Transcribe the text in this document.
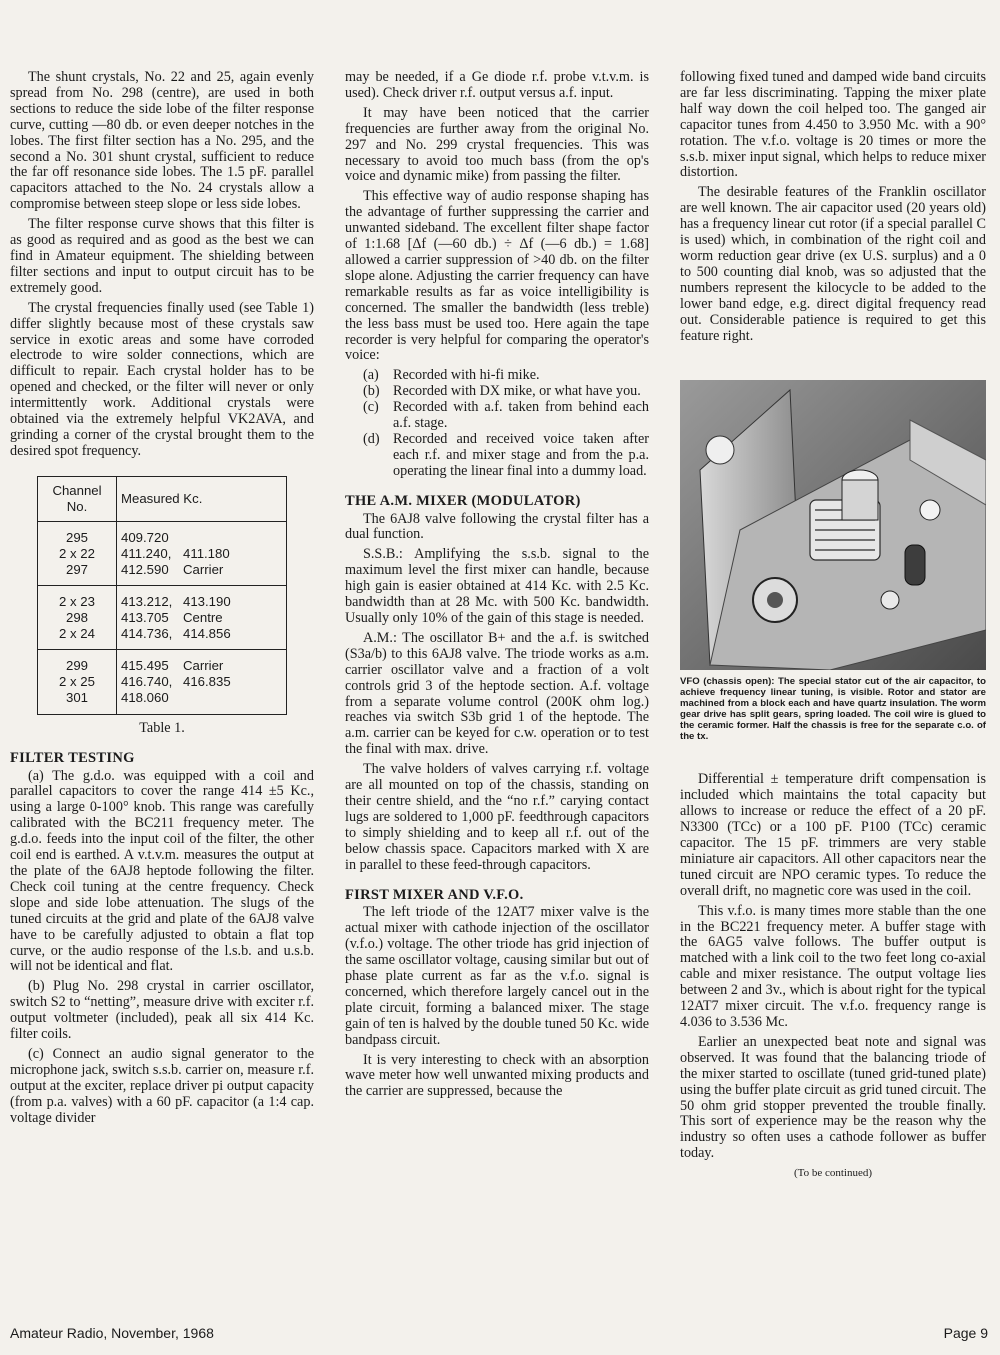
The shunt crystals, No. 22 and 25, again evenly spread from No. 298 (centre), are used in both sections to reduce the side lobe of the filter response curve, cutting —80 db. or even deeper notches in the lobes. The first filter section has a No. 295, and the second a No. 301 shunt crystal, sufficient to reduce the far off resonance side lobes. The 1.5 pF. parallel capacitors attached to the No. 24 crystals allow a compromise between steep slope or less side lobes.

The filter response curve shows that this filter is as good as required and as good as the best we can find in Amateur equipment. The shielding between filter sections and input to output circuit has to be extremely good.

The crystal frequencies finally used (see Table 1) differ slightly because most of these crystals saw service in exotic areas and some have corroded electrode to wire solder connections, which are difficult to repair. Each crystal holder has to be opened and checked, or the filter will never or only intermittently work. Additional crystals were obtained via the extremely helpful VK2AVA, and grinding a corner of the crystal brought them to the desired spot frequency.

Channel No.	Measured Kc.
295	409.720
2 x 22	411.240, 411.180
297	412.590 Carrier
2 x 23	413.212, 413.190
298	413.705 Centre
2 x 24	414.736, 414.856
299	415.495 Carrier
2 x 25	416.740, 416.835
301	418.060
Table 1.
FILTER TESTING

(a) The g.d.o. was equipped with a coil and parallel capacitors to cover the range 414 ±5 Kc., using a large 0-100° knob. This range was carefully calibrated with the BC211 frequency meter. The g.d.o. feeds into the input coil of the filter, the other coil end is earthed. A v.t.v.m. measures the output at the plate of the 6AJ8 heptode following the filter. Check coil tuning at the centre frequency. Check slope and side lobe attenuation. The slugs of the tuned circuits at the grid and plate of the 6AJ8 valve have to be carefully adjusted to obtain a flat top curve, or the audio response of the l.s.b. and u.s.b. will not be identical and flat.

(b) Plug No. 298 crystal in carrier oscillator, switch S2 to “netting”, measure drive with exciter r.f. output voltmeter (included), peak all six 414 Kc. filter coils.

(c) Connect an audio signal generator to the microphone jack, switch s.s.b. carrier on, measure r.f. output at the exciter, replace driver pi output capacity (from p.a. valves) with a 60 pF. capacitor (a 1:4 cap. voltage divider

may be needed, if a Ge diode r.f. probe v.t.v.m. is used). Check driver r.f. output versus a.f. input.

It may have been noticed that the carrier frequencies are further away from the original No. 297 and No. 299 crystal frequencies. This was necessary to avoid too much bass (from the op's voice and dynamic mike) from passing the filter.

This effective way of audio response shaping has the advantage of further suppressing the carrier and unwanted sideband. The excellent filter shape factor of 1:1.68 [Δf (—60 db.) ÷ Δf (—6 db.) = 1.68] allowed a carrier suppression of >40 db. on the filter slope alone. Adjusting the carrier frequency can have remarkable results as far as voice intelligibility is concerned. The smaller the bandwidth (less treble) the less bass must be used too. Here again the tape recorder is very helpful for comparing the operator's voice:

(a)	Recorded with hi-fi mike.
(b) Recorded with DX mike, or what have you.
(c)	Recorded with a.f. taken from behind each a.f. stage.
(d) Recorded and received voice taken after each r.f. and mixer stage and from the p.a. operating the linear final into a dummy load.
THE A.M. MIXER (MODULATOR)

The 6AJ8 valve following the crystal filter has a dual function.

S.S.B.: Amplifying the s.s.b. signal to the maximum level the first mixer can handle, because high gain is easier obtained at 414 Kc. with 2.5 Kc. bandwidth than at 28 Mc. with 500 Kc. bandwidth. Usually only 10% of the gain of this stage is needed.

A.M.: The oscillator B+ and the a.f. is switched (S3a/b) to this 6AJ8 valve. The triode works as a.m. carrier oscillator valve and a fraction of a volt controls grid 3 of the heptode section. A.f. voltage from a separate volume control (200K ohm log.) reaches via switch S3b grid 1 of the heptode. The a.m. carrier can be keyed for c.w. operation or to test the final with max. drive.

The valve holders of valves carrying r.f. voltage are all mounted on top of the chassis, standing on their centre shield, and the “no r.f.” carying contact lugs are soldered to 1,000 pF. feedthrough capacitors to simply shielding and to keep all r.f. out of the below chassis space. Capacitors marked with X are in parallel to these feed-through capacitors.

FIRST MIXER AND V.F.O.

The left triode of the 12AT7 mixer valve is the actual mixer with cathode injection of the oscillator (v.f.o.) voltage. The other triode has grid injection of the same oscillator voltage, causing similar but out of phase plate current as far as the v.f.o. signal is concerned, which therefore largely cancel out in the plate circuit, forming a balanced mixer. The stage gain of ten is halved by the double tuned 50 Kc. wide bandpass circuit.

It is very interesting to check with an absorption wave meter how well unwanted mixing products and the carrier are suppressed, because the

following fixed tuned and damped wide band circuits are far less discriminating. Tapping the mixer plate half way down the coil helped too. The ganged air capacitor tunes from 4.450 to 3.950 Mc. with a 90° rotation. The v.f.o. voltage is 20 times or more the s.s.b. mixer input signal, which helps to reduce mixer distortion.

The desirable features of the Franklin oscillator are well known. The air capacitor used (20 years old) has a frequency linear cut rotor (if a special parallel C is used) which, in combination of the right coil and worm reduction gear drive (ex U.S. surplus) and a 0 to 500 counting dial knob, was so adjusted that the numbers represent the kilocycle to be added to the lower band edge, e.g. direct digital frequency read out. Considerable patience is required to get this feature right.

VFO (chassis open): The special stator cut of the air capacitor, to achieve frequency linear tuning, is visible. Rotor and stator are machined from a block each and have quartz insulation. The worm gear drive has split gears, spring loaded. The coil wire is glued to the ceramic former. Half the chassis is free for the separate c.o. of the tx.

Differential ± temperature drift compensation is included which maintains the total capacity but allows to increase or reduce the effect of a 20 pF. N3300 (TCc) or a 100 pF. P100 (TCc) ceramic capacitor. The 15 pF. trimmers are very stable miniature air capacitors. All other capacitors near the tuned circuit are NPO ceramic types. To reduce the overall drift, no magnetic core was used in the coil.

This v.f.o. is many times more stable than the one in the BC221 frequency meter. A buffer stage with the 6AG5 valve follows. The buffer output is matched with a link coil to the two feet long co-axial cable and mixer resistance. The output voltage lies between 2 and 3v., which is about right for the typical 12AT7 mixer circuit. The v.f.o. frequency range is 4.036 to 3.536 Mc.

Earlier an unexpected beat note and signal was observed. It was found that the balancing triode of the mixer started to oscillate (tuned grid-tuned plate) using the buffer plate circuit as grid tuned circuit. The 50 ohm grid stopper prevented the trouble finally. This sort of experience may be the reason why the industry so often uses a cathode follower as buffer today.

(To be continued)
Amateur Radio, November, 1968	Page 9
